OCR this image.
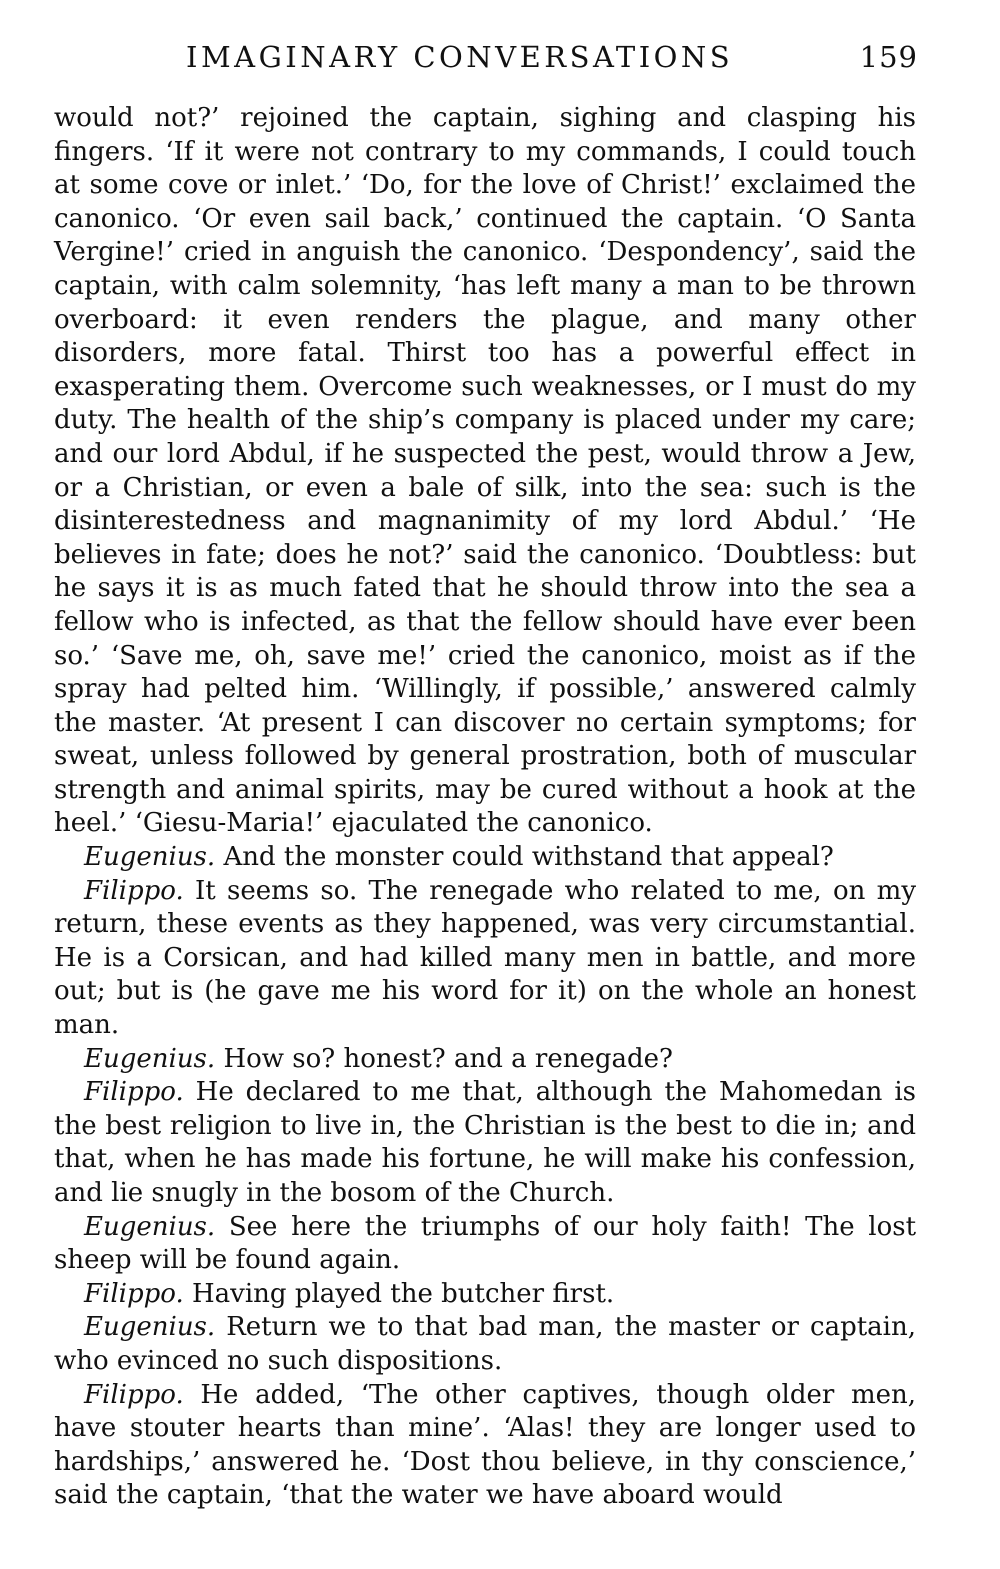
IMAGINARY CONVERSATIONS	159

would not?’ rejoined the captain, sighing and clasping his fingers. ‘If it were not contrary to my commands, I could touch at some cove or inlet.’ ‘Do, for the love of Christ!’ exclaimed the canonico. ‘Or even sail back,’ continued the captain. ‘O Santa Vergine!’ cried in anguish the canonico. ‘Despondency’, said the captain, with calm solemnity, ‘has left many a man to be thrown overboard: it even renders the plague, and many other disorders, more fatal. Thirst too has a powerful effect in exasperating them. Overcome such weaknesses, or I must do my duty. The health of the ship’s company is placed under my care; and our lord Abdul, if he suspected the pest, would throw a Jew, or a Christian, or even a bale of silk, into the sea: such is the disinterestedness and magnanimity of my lord Abdul.’ ‘He believes in fate; does he not?’ said the canonico. ‘Doubtless: but he says it is as much fated that he should throw into the sea a fellow who is infected, as that the fellow should have ever been so.’ ‘Save me, oh, save me!’ cried the canonico, moist as if the spray had pelted him. ‘Willingly, if possible,’ answered calmly the master. ‘At present I can discover no certain symptoms; for sweat, unless followed by general prostration, both of muscular strength and animal spirits, may be cured without a hook at the heel.’ ‘Giesu-Maria!’ ejaculated the canonico.

Eugenius. And the monster could withstand that appeal?

Filippo. It seems so. The renegade who related to me, on my return, these events as they happened, was very circumstantial. He is a Corsican, and had killed many men in battle, and more out; but is (he gave me his word for it) on the whole an honest man.

Eugenius. How so? honest? and a renegade?

Filippo. He declared to me that, although the Mahomedan is the best religion to live in, the Christian is the best to die in; and that, when he has made his fortune, he will make his confession, and lie snugly in the bosom of the Church.

Eugenius. See here the triumphs of our holy faith! The lost sheep will be found again.

Filippo. Having played the butcher first.

Eugenius. Return we to that bad man, the master or captain, who evinced no such dispositions.

Filippo. He added, ‘The other captives, though older men, have stouter hearts than mine’. ‘Alas! they are longer used to hardships,’ answered he. ‘Dost thou believe, in thy conscience,’ said the captain, ‘that the water we have aboard would
